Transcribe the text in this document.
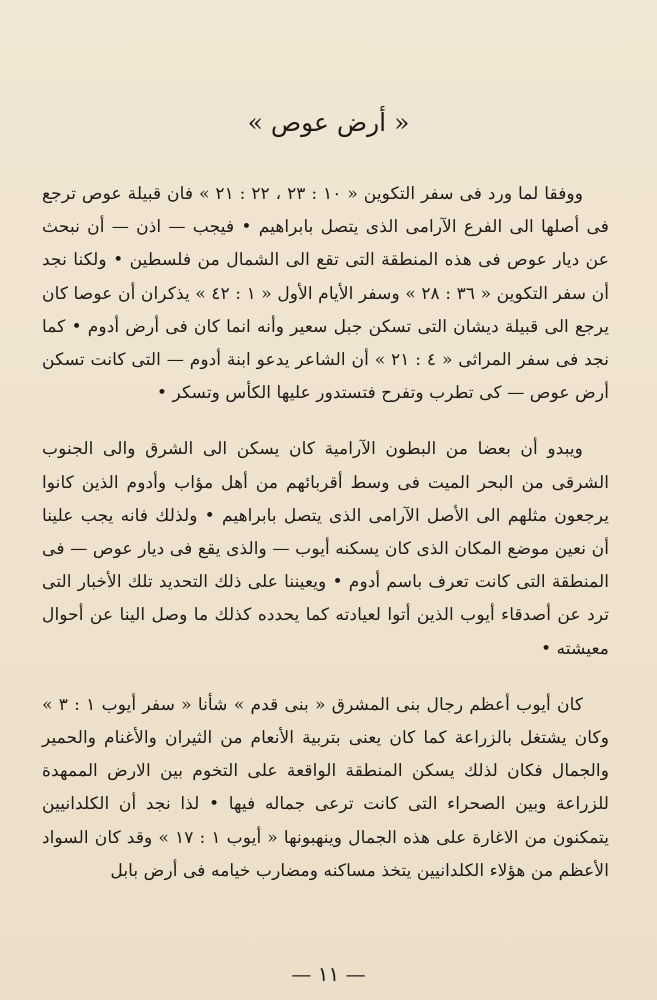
« أرض عوص »

ووفقا لما ورد فى سفر التكوين « ١٠ : ٢٣ ، ٢٢ : ٢١ » فان قبيلة عوص ترجع فى أصلها الى الفرع الآرامى الذى يتصل بابراهيم • فيجب — اذن — أن نبحث عن ديار عوص فى هذه المنطقة التى تقع الى الشمال من فلسطين • ولكنا نجد أن سفر التكوين « ٣٦ : ٢٨ » وسفر الأيام الأول « ١ : ٤٢ » يذكران أن عوصا كان يرجع الى قبيلة ديشان التى تسكن جبل سعير وأنه انما كان فى أرض أدوم • كما نجد فى سفر المراثى « ٤ : ٢١ » أن الشاعر يدعو ابنة أدوم — التى كانت تسكن أرض عوص — كى تطرب وتفرح فتستدور عليها الكأس وتسكر •

ويبدو أن بعضا من البطون الآرامية كان يسكن الى الشرق والى الجنوب الشرقى من البحر الميت فى وسط أقربائهم من أهل مؤاب وأدوم الذين كانوا يرجعون مثلهم الى الأصل الآرامى الذى يتصل بابراهيم • ولذلك فانه يجب علينا أن نعين موضع المكان الذى كان يسكنه أيوب — والذى يقع فى ديار عوص — فى المنطقة التى كانت تعرف باسم أدوم • ويعيننا على ذلك التحديد تلك الأخبار التى ترد عن أصدقاء أيوب الذين أتوا لعيادته كما يحدده كذلك ما وصل الينا عن أحوال معيشته •

كان أيوب أعظم رجال بنى المشرق « بنى قدم » شأنا « سفر أيوب ١ : ٣ » وكان يشتغل بالزراعة كما كان يعنى بتربية الأنعام من الثيران والأغنام والحمير والجمال فكان لذلك يسكن المنطقة الواقعة على التخوم بين الارض الممهدة للزراعة وبين الصحراء التى كانت ترعى جماله فيها • لذا نجد أن الكلدانيين يتمكنون من الاغارة على هذه الجمال وينهبونها « أيوب ١ : ١٧ » وقد كان السواد الأعظم من هؤلاء الكلدانيين يتخذ مساكنه ومضارب خيامه فى أرض بابل

— ١١ —
